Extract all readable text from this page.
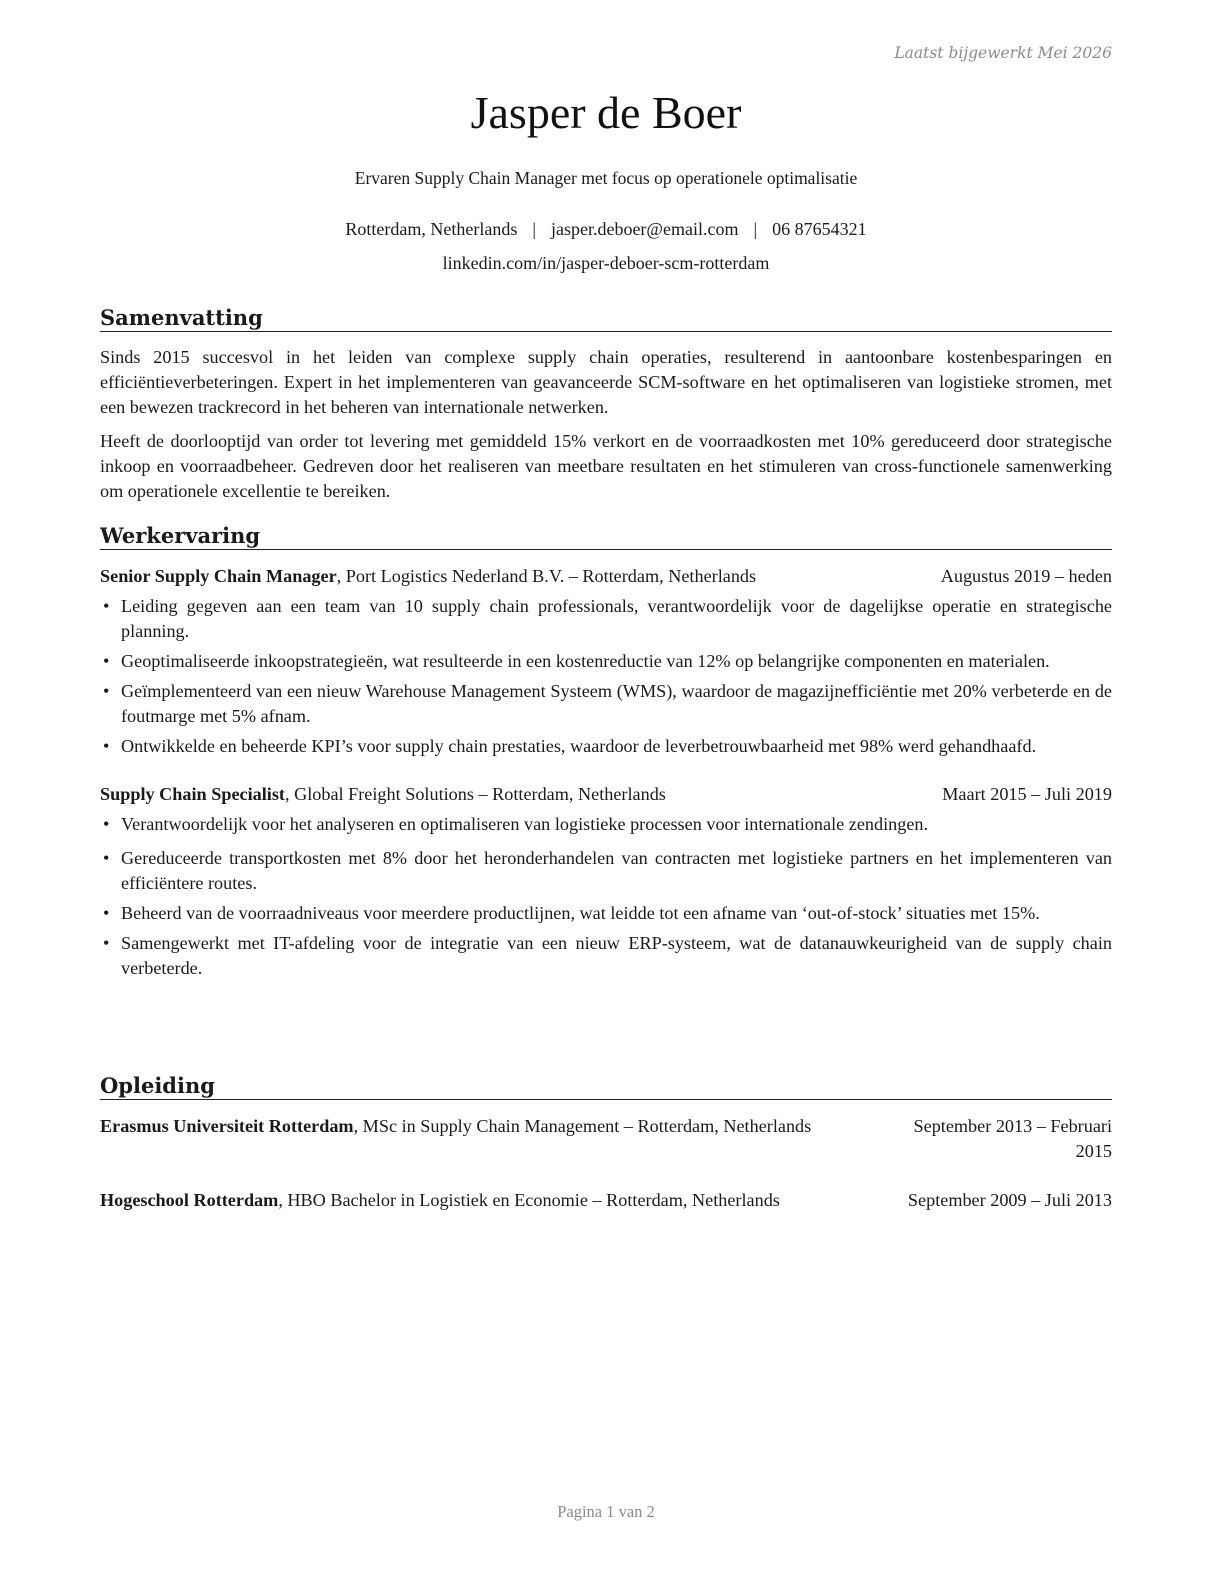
Laatst bijgewerkt Mei 2026
Jasper de Boer
Ervaren Supply Chain Manager met focus op operationele optimalisatie
Rotterdam, Netherlands | jasper.deboer@email.com | 06 87654321
linkedin.com/in/jasper-deboer-scm-rotterdam
Samenvatting

Sinds 2015 succesvol in het leiden van complexe supply chain operaties, resulterend in aantoonbare kostenbesparingen en efficiëntieverbeteringen. Expert in het implementeren van geavanceerde SCM-software en het optimaliseren van logistieke stromen, met een bewezen trackrecord in het beheren van internationale netwerken.

Heeft de doorlooptijd van order tot levering met gemiddeld 15% verkort en de voorraadkosten met 10% gereduceerd door strategische inkoop en voorraadbeheer. Gedreven door het realiseren van meetbare resultaten en het stimuleren van cross-functionele samenwerking om operationele excellentie te bereiken.

Werkervaring
Senior Supply Chain Manager, Port Logistics Nederland B.V. – Rotterdam, Netherlands	Augustus 2019 – heden
• Leiding gegeven aan een team van 10 supply chain professionals, verantwoordelijk voor de dagelijkse operatie en strategische planning.
• Geoptimaliseerde inkoopstrategieën, wat resulteerde in een kostenreductie van 12% op belangrijke componenten en materialen.
• Geïmplementeerd van een nieuw Warehouse Management Systeem (WMS), waardoor de magazijnefficiëntie met 20% verbeterde en de foutmarge met 5% afnam.
• Ontwikkelde en beheerde KPI’s voor supply chain prestaties, waardoor de leverbetrouwbaarheid met 98% werd gehandhaafd.
Supply Chain Specialist, Global Freight Solutions – Rotterdam, Netherlands	Maart 2015 – Juli 2019
• Verantwoordelijk voor het analyseren en optimaliseren van logistieke processen voor internationale zendingen.
• Gereduceerde transportkosten met 8% door het heronderhandelen van contracten met logistieke partners en het implementeren van efficiëntere routes.
• Beheerd van de voorraadniveaus voor meerdere productlijnen, wat leidde tot een afname van ‘out-of-stock’ situaties met 15%.
• Samengewerkt met IT-afdeling voor de integratie van een nieuw ERP-systeem, wat de datanauwkeurigheid van de supply chain verbeterde.
Opleiding
Erasmus Universiteit Rotterdam, MSc in Supply Chain Management – Rotterdam, Netherlands	September 2013 – Februari 2015
Hogeschool Rotterdam, HBO Bachelor in Logistiek en Economie – Rotterdam, Netherlands	September 2009 – Juli 2013
Pagina 1 van 2
